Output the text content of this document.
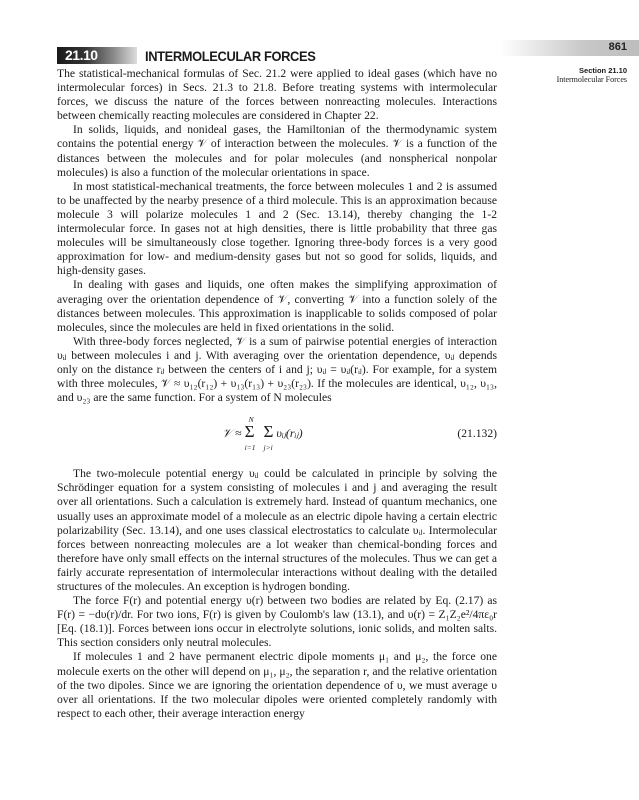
861
21.10	INTERMOLECULAR FORCES
Section 21.10
Intermolecular Forces

The statistical-mechanical formulas of Sec. 21.2 were applied to ideal gases (which have no intermolecular forces) in Secs. 21.3 to 21.8. Before treating systems with intermolecular forces, we discuss the nature of the forces between nonreacting molecules. Interactions between chemically reacting molecules are considered in Chapter 22.

In solids, liquids, and nonideal gases, the Hamiltonian of the thermodynamic system contains the potential energy 𝒱 of interaction between the molecules. 𝒱 is a function of the distances between the molecules and for polar molecules (and nonspherical nonpolar molecules) is also a function of the molecular orientations in space.

In most statistical-mechanical treatments, the force between molecules 1 and 2 is assumed to be unaffected by the nearby presence of a third molecule. This is an approximation because molecule 3 will polarize molecules 1 and 2 (Sec. 13.14), thereby changing the 1-2 intermolecular force. In gases not at high densities, there is little probability that three gas molecules will be simultaneously close together. Ignoring three-body forces is a very good approximation for low- and medium-density gases but not so good for solids, liquids, and high-density gases.

In dealing with gases and liquids, one often makes the simplifying approximation of averaging over the orientation dependence of 𝒱, converting 𝒱 into a function solely of the distances between molecules. This approximation is inapplicable to solids composed of polar molecules, since the molecules are held in fixed orientations in the solid.

With three-body forces neglected, 𝒱 is a sum of pairwise potential energies of interaction υᵢⱼ between molecules i and j. With averaging over the orientation dependence, υᵢⱼ depends only on the distance rᵢⱼ between the centers of i and j; υᵢⱼ = υᵢⱼ(rᵢⱼ). For example, for a system with three molecules, 𝒱 ≈ υ₁₂(r₁₂) + υ₁₃(r₁₃) + υ₂₃(r₂₃). If the molecules are identical, υ₁₂, υ₁₃, and υ₂₃ are the same function. For a system of N molecules

𝒱 ≈ Σ
N
i=1
Σ
j>i
υᵢⱼ(rᵢⱼ)	(21.132)

The two-molecule potential energy υᵢⱼ could be calculated in principle by solving the Schrödinger equation for a system consisting of molecules i and j and averaging the result over all orientations. Such a calculation is extremely hard. Instead of quantum mechanics, one usually uses an approximate model of a molecule as an electric dipole having a certain electric polarizability (Sec. 13.14), and one uses classical electrostatics to calculate υᵢⱼ. Intermolecular forces between nonreacting molecules are a lot weaker than chemical-bonding forces and therefore have only small effects on the internal structures of the molecules. Thus we can get a fairly accurate representation of intermolecular interactions without dealing with the detailed structures of the molecules. An exception is hydrogen bonding.

The force F(r) and potential energy υ(r) between two bodies are related by Eq. (2.17) as F(r) = −dυ(r)/dr. For two ions, F(r) is given by Coulomb's law (13.1), and υ(r) = Z₁Z₂e²/4πε₀r [Eq. (18.1)]. Forces between ions occur in electrolyte solutions, ionic solids, and molten salts. This section considers only neutral molecules.

If molecules 1 and 2 have permanent electric dipole moments μ₁ and μ₂, the force one molecule exerts on the other will depend on μ₁, μ₂, the separation r, and the relative orientation of the two dipoles. Since we are ignoring the orientation dependence of υ, we must average υ over all orientations. If the two molecular dipoles were oriented completely randomly with respect to each other, their average interaction energy
